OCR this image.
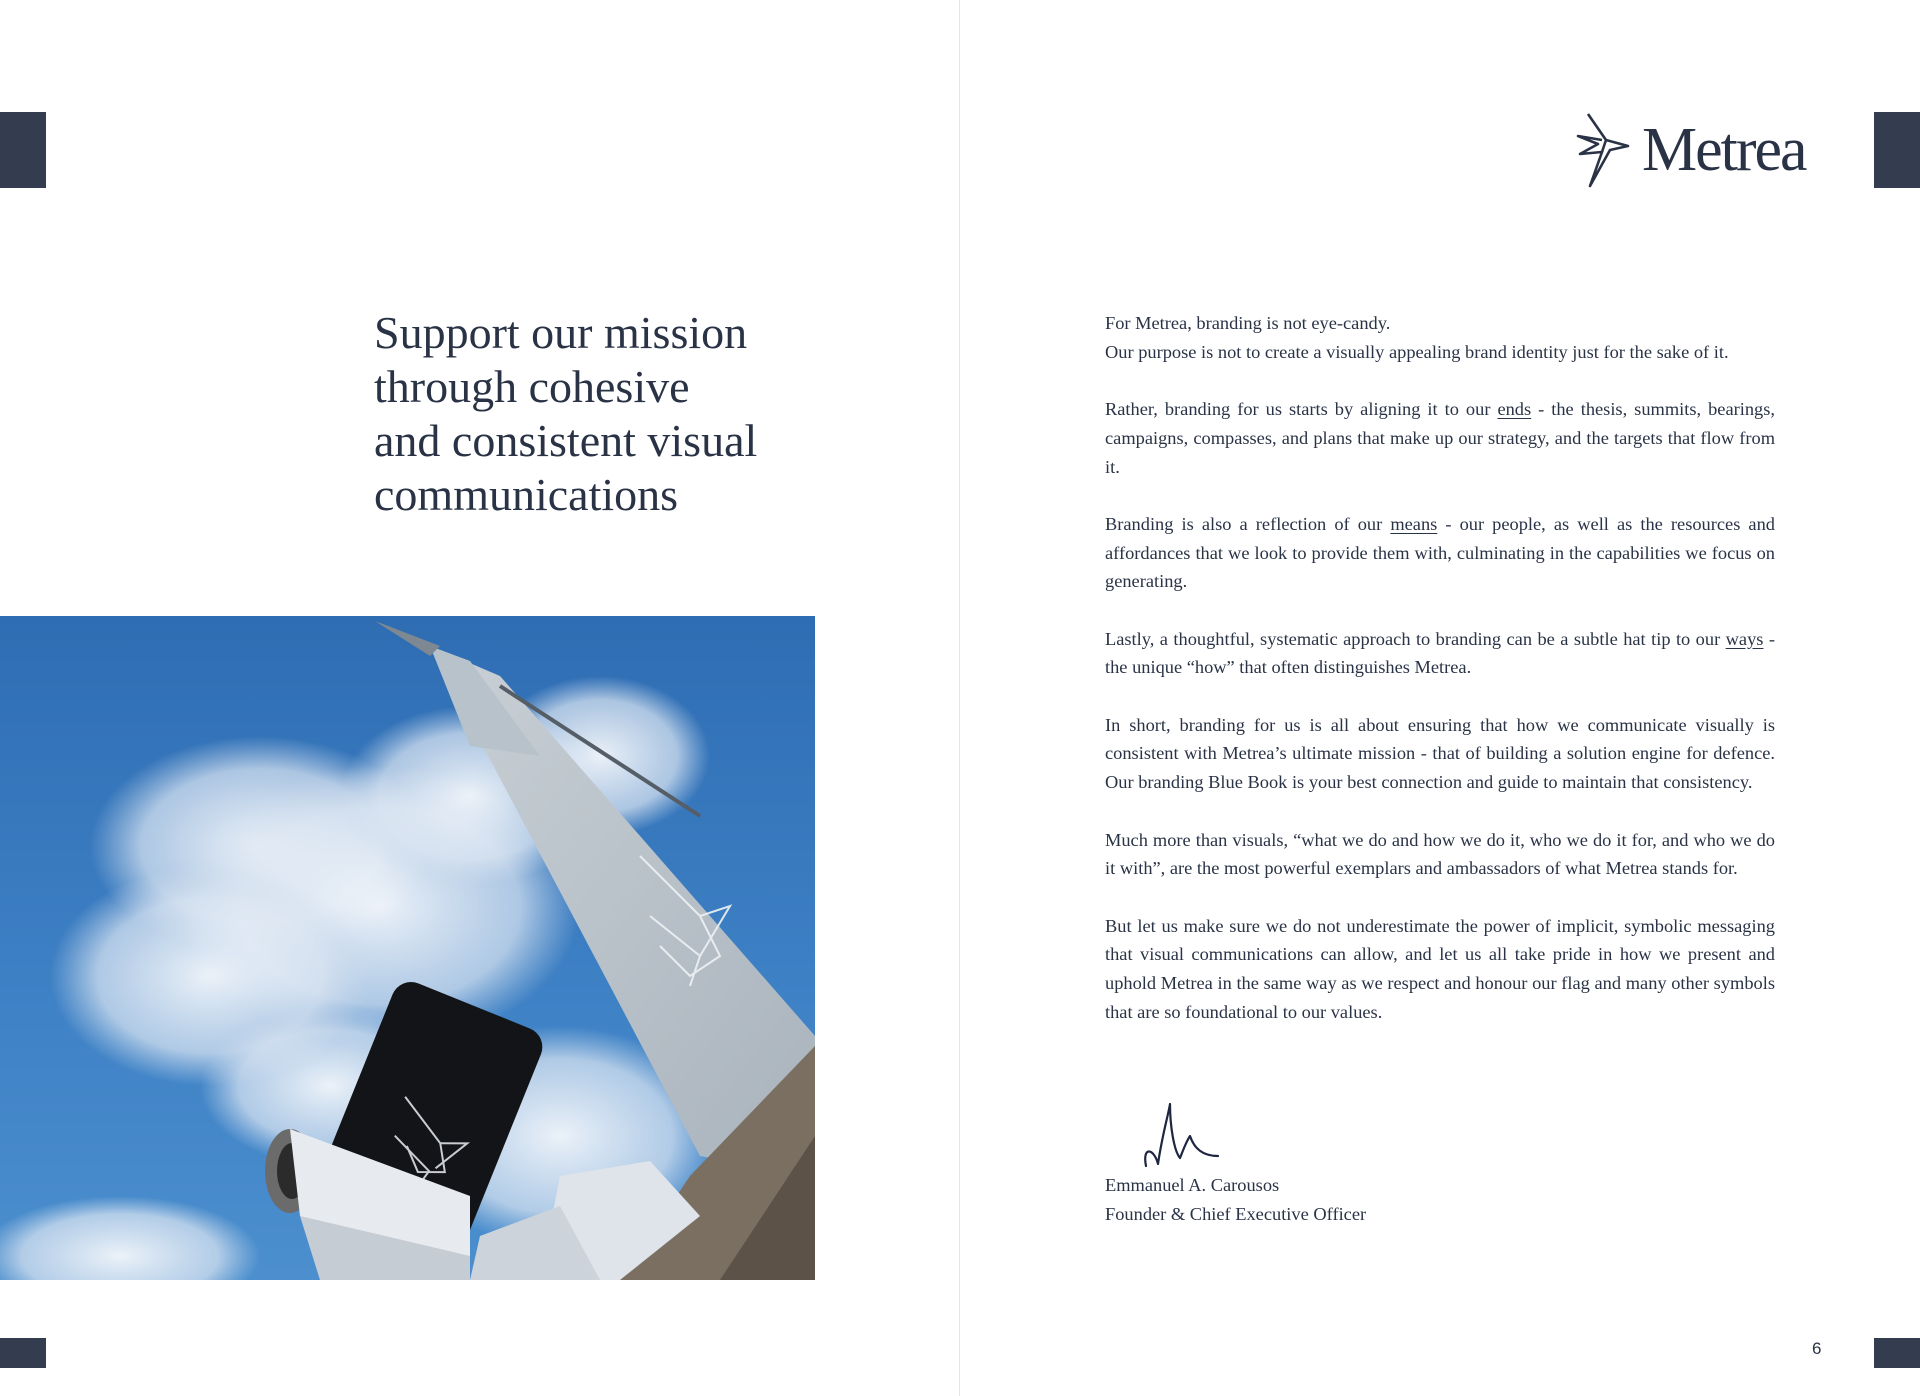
Support our mission
through cohesive
and consistent visual
communications
Metrea

For Metrea, branding is not eye-candy.
Our purpose is not to create a visually appealing brand identity just for the sake of it.

Rather, branding for us starts by aligning it to our ends - the thesis, summits, bearings, campaigns, compasses, and plans that make up our strategy, and the targets that flow from it.

Branding is also a reflection of our means - our people, as well as the resources and affordances that we look to provide them with, culminating in the capabilities we focus on generating.

Lastly, a thoughtful, systematic approach to branding can be a subtle hat tip to our ways - the unique “how” that often distinguishes Metrea.

In short, branding for us is all about ensuring that how we communicate visually is consistent with Metrea’s ultimate mission - that of building a solution engine for defence. Our branding Blue Book is your best connection and guide to maintain that consistency.

Much more than visuals, “what we do and how we do it, who we do it for, and who we do it with”, are the most powerful exemplars and ambassadors of what Metrea stands for.

But let us make sure we do not underestimate the power of implicit, symbolic messaging that visual communications can allow, and let us all take pride in how we present and uphold Metrea in the same way as we respect and honour our flag and many other symbols that are so foundational to our values.

Emmanuel A. Carousos
Founder & Chief Executive Officer
6
